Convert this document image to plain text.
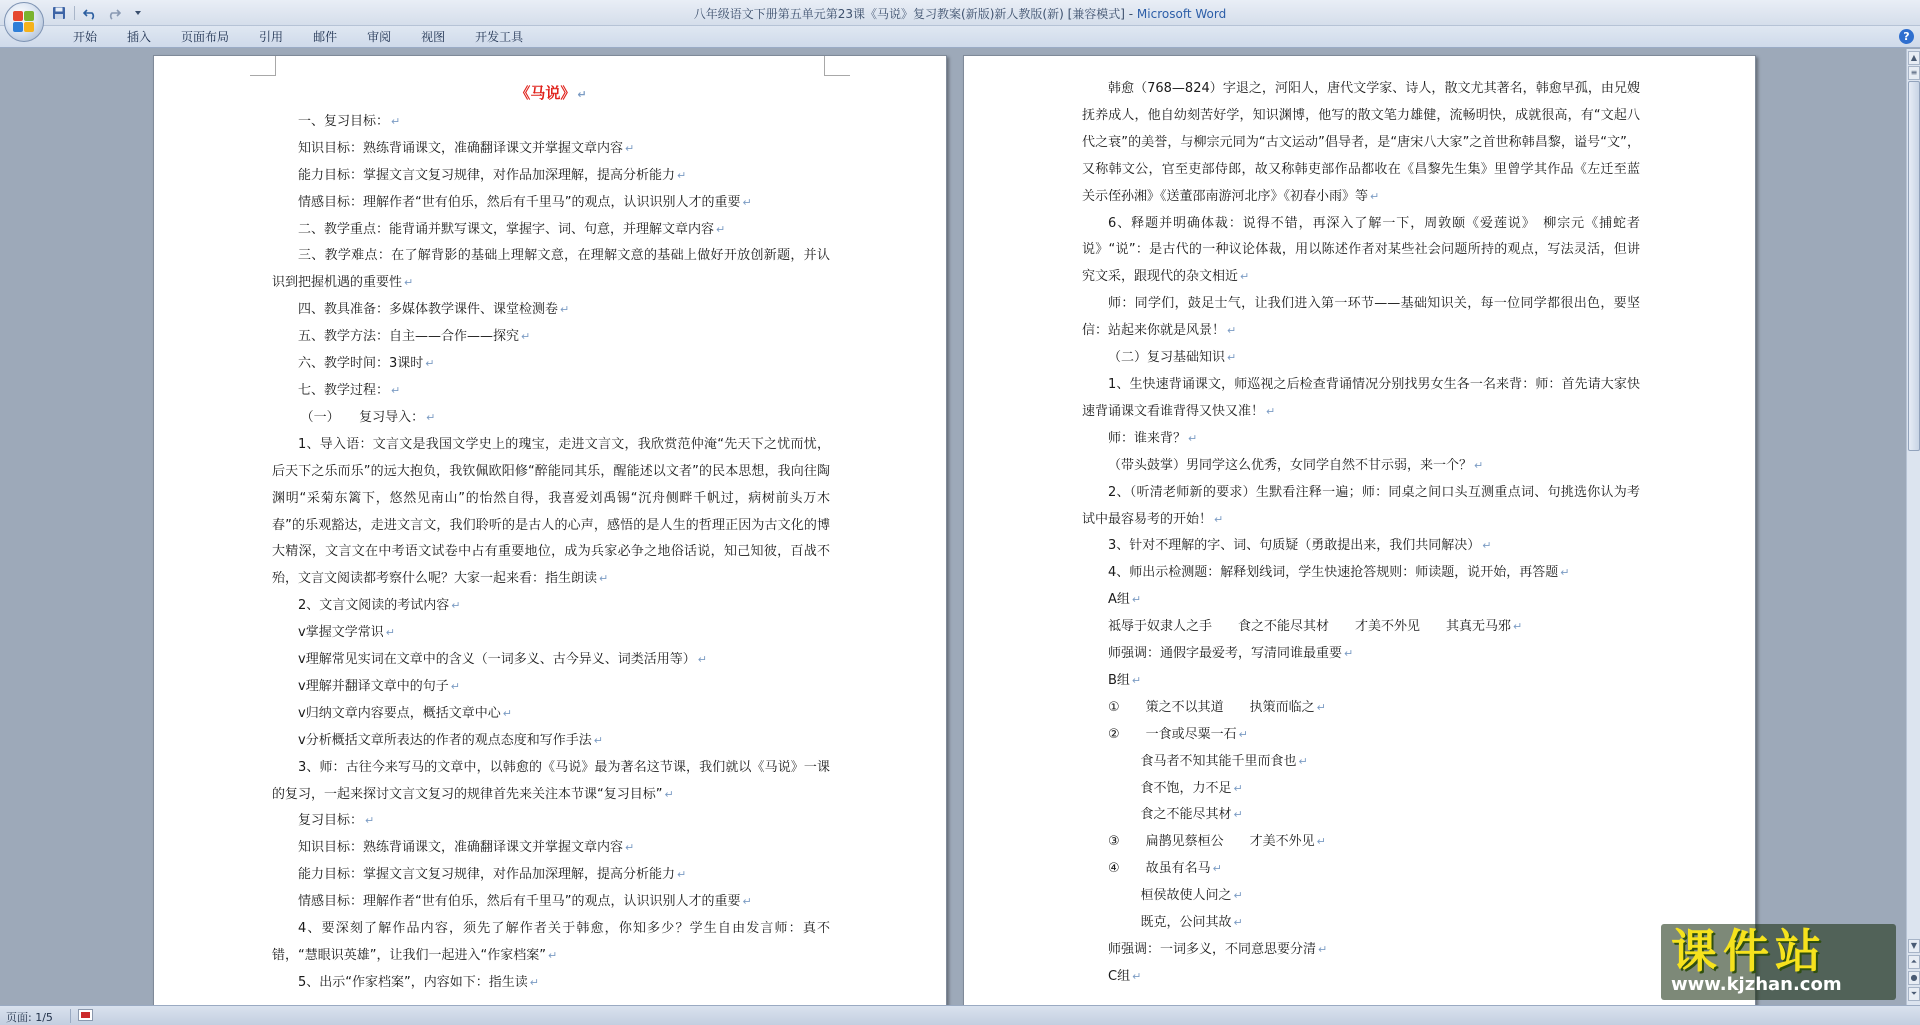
八年级语文下册第五单元第23课《马说》复习教案(新版)新人教版(新) [兼容模式] - Microsoft Word
开始	插入	页面布局	引用	邮件	审阅	视图	开发工具	?

《马说》 ↵

一、复习目标： ↵

知识目标：熟练背诵课文，准确翻译课文并掌握文章内容 ↵

能力目标：掌握文言文复习规律，对作品加深理解，提高分析能力 ↵

情感目标：理解作者“世有伯乐，然后有千里马”的观点，认识识别人才的重要 ↵

二、教学重点：能背诵并默写课文，掌握字、词、句意，并理解文章内容 ↵

三、教学难点：在了解背影的基础上理解文意，在理解文意的基础上做好开放创新题，并认识到把握机遇的重要性 ↵

四、教具准备：多媒体教学课件、课堂检测卷 ↵

五、教学方法：自主——合作——探究 ↵

六、教学时间：3课时 ↵

七、教学过程： ↵

（一）　　复习导入： ↵

1、导入语：文言文是我国文学史上的瑰宝，走进文言文，我欣赏范仲淹“先天下之忧而忧，后天下之乐而乐”的远大抱负，我钦佩欧阳修“醉能同其乐，醒能述以文者”的民本思想，我向往陶渊明“采菊东篱下，悠然见南山”的怡然自得，我喜爱刘禹锡“沉舟侧畔千帆过，病树前头万木春”的乐观豁达，走进文言文，我们聆听的是古人的心声，感悟的是人生的哲理正因为古文化的博大精深，文言文在中考语文试卷中占有重要地位，成为兵家必争之地俗话说，知己知彼，百战不殆，文言文阅读都考察什么呢？大家一起来看：指生朗读 ↵

2、文言文阅读的考试内容 ↵

v掌握文学常识 ↵

v理解常见实词在文章中的含义（一词多义、古今异义、词类活用等） ↵

v理解并翻译文章中的句子 ↵

v归纳文章内容要点，概括文章中心 ↵

v分析概括文章所表达的作者的观点态度和写作手法 ↵

3、师：古往今来写马的文章中，以韩愈的《马说》最为著名这节课，我们就以《马说》一课的复习，一起来探讨文言文复习的规律首先来关注本节课“复习目标” ↵

复习目标： ↵

知识目标：熟练背诵课文，准确翻译课文并掌握文章内容 ↵

能力目标：掌握文言文复习规律，对作品加深理解，提高分析能力 ↵

情感目标：理解作者“世有伯乐，然后有千里马”的观点，认识识别人才的重要 ↵

4、要深刻了解作品内容，须先了解作者关于韩愈，你知多少？学生自由发言师：真不错，“慧眼识英雄”，让我们一起进入“作家档案” ↵

5、出示“作家档案”，内容如下：指生读 ↵

韩愈（768—824）字退之，河阳人，唐代文学家、诗人，散文尤其著名，韩愈早孤，由兄嫂抚养成人，他自幼刻苦好学，知识渊博，他写的散文笔力雄健，流畅明快，成就很高，有“文起八代之衰”的美誉，与柳宗元同为“古文运动”倡导者，是“唐宋八大家”之首世称韩昌黎，谥号“文”，又称韩文公，官至吏部侍郎，故又称韩吏部作品都收在《昌黎先生集》里曾学其作品《左迁至蓝关示侄孙湘》《送董邵南游河北序》《初春小雨》等 ↵

6、释题并明确体裁：说得不错，再深入了解一下，周敦颐《爱莲说》　柳宗元《捕蛇者说》“说”：是古代的一种议论体裁，用以陈述作者对某些社会问题所持的观点，写法灵活，但讲究文采，跟现代的杂文相近 ↵

师：同学们，鼓足士气，让我们进入第一环节——基础知识关，每一位同学都很出色，要坚信：站起来你就是风景！ ↵

（二）复习基础知识 ↵

1、生快速背诵课文，师巡视之后检查背诵情况分别找男女生各一名来背：师：首先请大家快速背诵课文看谁背得又快又准！ ↵

师：谁来背？ ↵

（带头鼓掌）男同学这么优秀，女同学自然不甘示弱，来一个？ ↵

2、（听清老师新的要求）生默看注释一遍；师：同桌之间口头互测重点词、句挑选你认为考试中最容易考的开始！ ↵

3、针对不理解的字、词、句质疑（勇敢提出来，我们共同解决） ↵

4、师出示检测题：解释划线词，学生快速抢答规则：师读题，说开始，再答题 ↵

A组 ↵

祗辱于奴隶人之手　　食之不能尽其材　　才美不外见　　其真无马邪 ↵

师强调：通假字最爱考，写清同谁最重要 ↵

B组 ↵

①　　策之不以其道　　执策而临之 ↵

②　　一食或尽粟一石 ↵

食马者不知其能千里而食也 ↵

食不饱，力不足 ↵

食之不能尽其材 ↵

③　　扁鹊见蔡桓公　　才美不外见 ↵

④　　故虽有名马 ↵

桓侯故使人问之 ↵

既克，公问其故 ↵

师强调：一词多义，不同意思要分清 ↵

C组 ↵

▲
≡
▼
⏶
●
⏷
页面: 1/5
课件站
www.kjzhan.com
